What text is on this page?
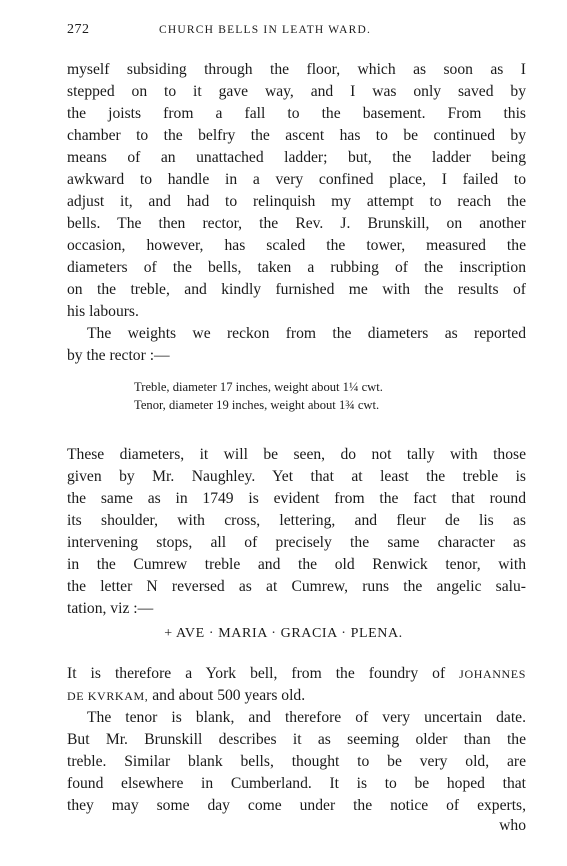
272	CHURCH BELLS IN LEATH WARD.
myself subsiding through the floor, which as soon as I
stepped on to it gave way, and I was only saved by
the joists from a fall to the basement. From this
chamber to the belfry the ascent has to be continued by
means of an unattached ladder; but, the ladder being
awkward to handle in a very confined place, I failed to
adjust it, and had to relinquish my attempt to reach the
bells. The then rector, the Rev. J. Brunskill, on another
occasion, however, has scaled the tower, measured the
diameters of the bells, taken a rubbing of the inscription
on the treble, and kindly furnished me with the results of
his labours.
The weights we reckon from the diameters as reported
by the rector :—
Treble, diameter 17 inches, weight about 1¼ cwt.
Tenor, diameter 19 inches, weight about 1¾ cwt.
These diameters, it will be seen, do not tally with those
given by Mr. Naughley. Yet that at least the treble is
the same as in 1749 is evident from the fact that round
its shoulder, with cross, lettering, and fleur de lis as
intervening stops, all of precisely the same character as
in the Cumrew treble and the old Renwick tenor, with
the letter N reversed as at Cumrew, runs the angelic salu-
tation, viz :—
+ AVE · MARIA · GRACIA · PLENA.
It is therefore a York bell, from the foundry of JOHANNES
DE KVRKAM, and about 500 years old.
The tenor is blank, and therefore of very uncertain date.
But Mr. Brunskill describes it as seeming older than the
treble. Similar blank bells, thought to be very old, are
found elsewhere in Cumberland. It is to be hoped that
they may some day come under the notice of experts,
who
